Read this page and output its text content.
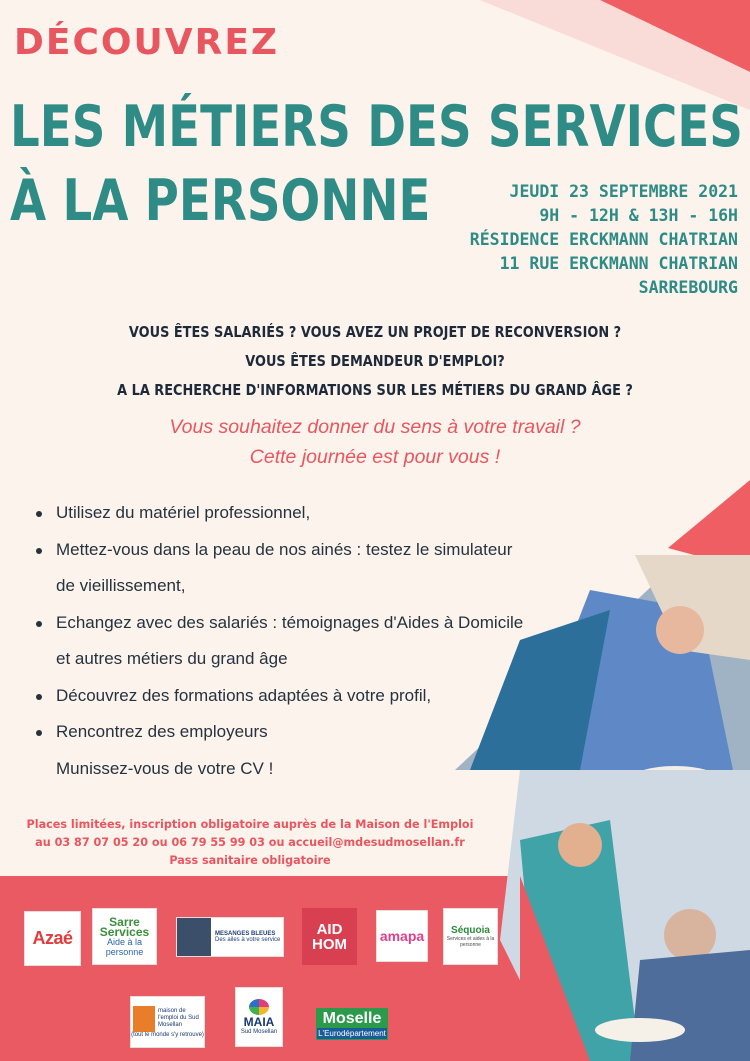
DÉCOUVREZ
LES MÉTIERS DES SERVICES
À LA PERSONNE	JEUDI 23 SEPTEMBRE 2021
9H - 12H & 13H - 16H
RÉSIDENCE ERCKMANN CHATRIAN
11 RUE ERCKMANN CHATRIAN
SARREBOURG
VOUS ÊTES SALARIÉS ? VOUS AVEZ UN PROJET DE RECONVERSION ?
VOUS ÊTES DEMANDEUR D'EMPLOI?
A LA RECHERCHE D'INFORMATIONS SUR LES MÉTIERS DU GRAND ÂGE ?
Vous souhaitez donner du sens à votre travail ?
Cette journée est pour vous !
Utilisez du matériel professionnel,
Mettez-vous dans la peau de nos ainés : testez le simulateur
de vieillissement,
Echangez avec des salariés : témoignages d'Aides à Domicile
et autres métiers du grand âge
Découvrez des formations adaptées à votre profil,
Rencontrez des employeurs
Munissez-vous de votre CV !
Places limitées, inscription obligatoire auprès de la Maison de l'Emploi
au 03 87 07 05 20 ou 06 79 55 99 03 ou accueil@mdesudmosellan.fr
Pass sanitaire obligatoire
Azaé
Sarre Services
Aide à la personne
MESANGES BLEUES
Des ailes à votre service
AID
HOM amapa	Séquoia
Services et aides à la personne
maison de l'emploi du Sud Mosellan
(tout le monde s'y retrouve)
MAIA
Sud Mosellan
Moselle
L'Eurodépartement
